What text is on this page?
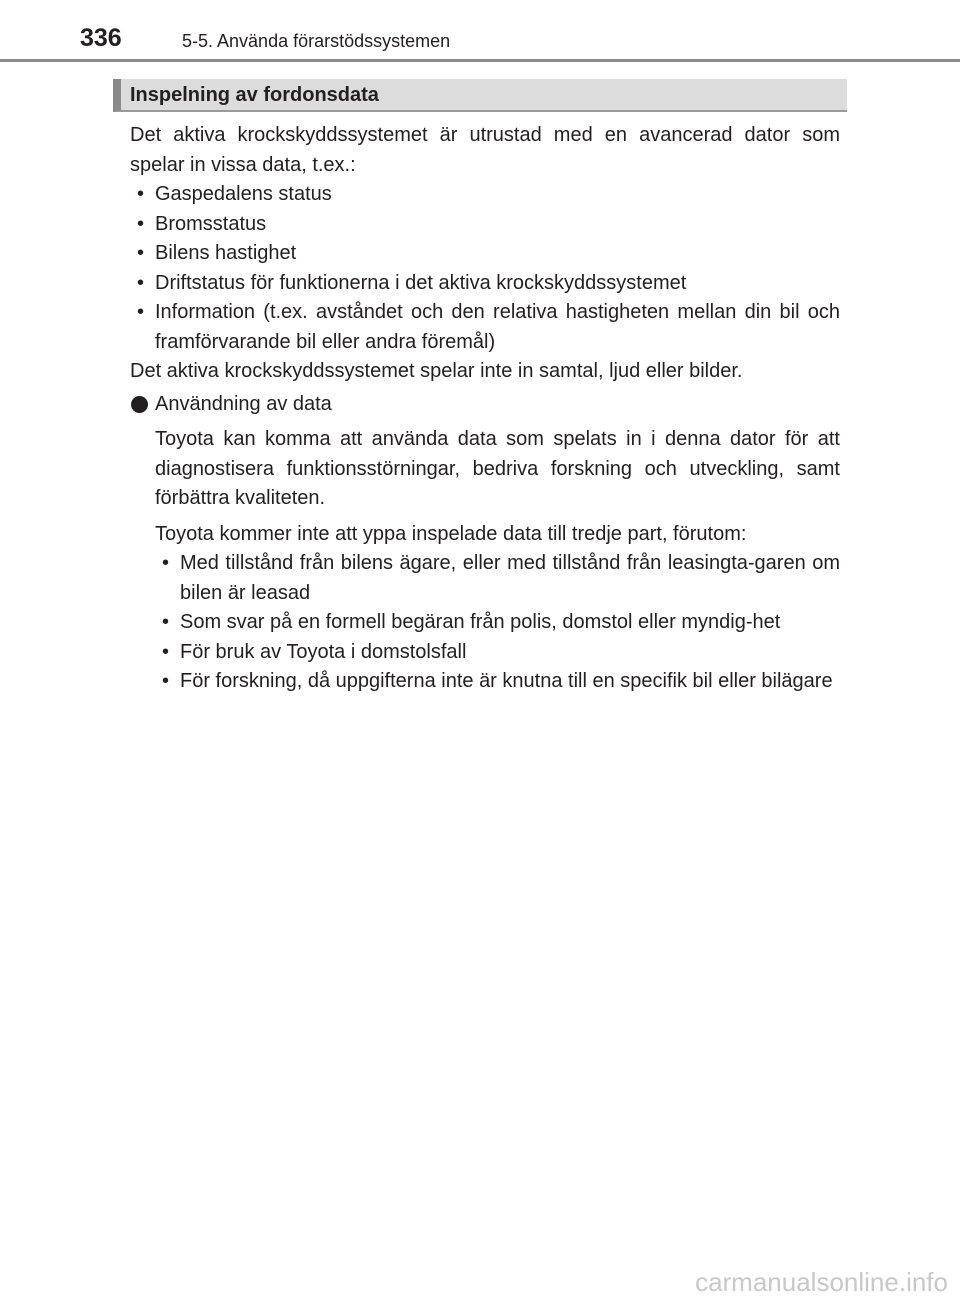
336	5-5. Använda förarstödssystemen
Inspelning av fordonsdata

Det aktiva krockskyddssystemet är utrustad med en avancerad dator som spelar in vissa data, t.ex.:

• Gaspedalens status
• Bromsstatus
• Bilens hastighet
• Driftstatus för funktionerna i det aktiva krockskyddssystemet
• Information (t.ex. avståndet och den relativa hastigheten mellan din bil och framförvarande bil eller andra föremål)

Det aktiva krockskyddssystemet spelar inte in samtal, ljud eller bilder.

Användning av data

Toyota kan komma att använda data som spelats in i denna dator för att diagnostisera funktionsstörningar, bedriva forskning och utveckling, samt förbättra kvaliteten.

Toyota kommer inte att yppa inspelade data till tredje part, förutom:

• Med tillstånd från bilens ägare, eller med tillstånd från leasingta-garen om bilen är leasad
• Som svar på en formell begäran från polis, domstol eller myndig-het
• För bruk av Toyota i domstolsfall
• För forskning, då uppgifterna inte är knutna till en specifik bil eller bilägare
carmanualsonline.info
